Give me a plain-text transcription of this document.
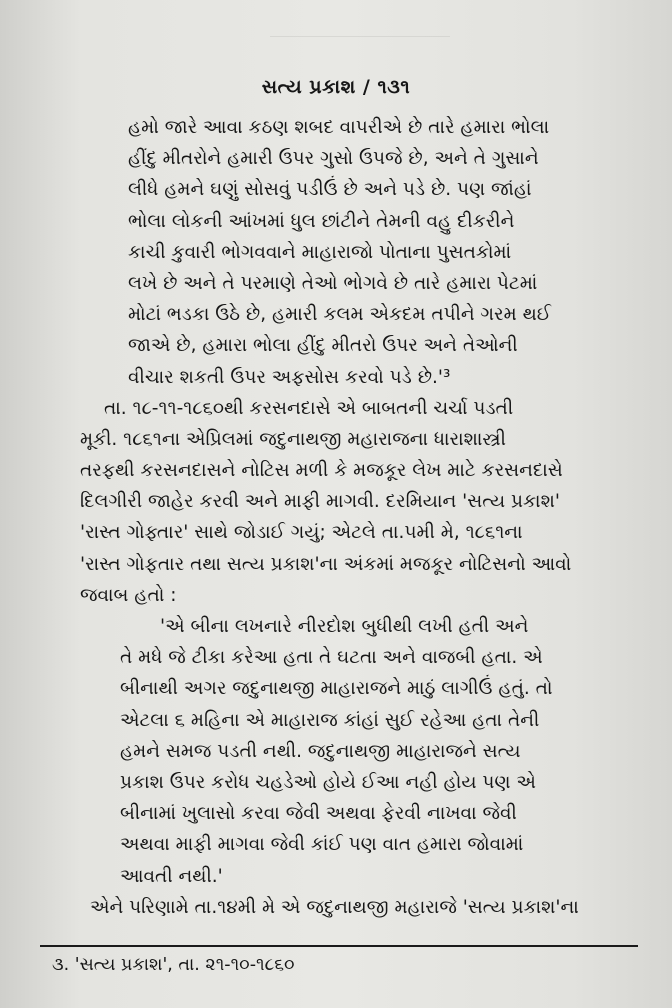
સત્ય પ્રકાશ / ૧૩૧
હમો જારે આવા કઠણ શબદ વાપરીએ છે તારે હમારા ભોલા
હીંદુ મીતરોને હમારી ઉપર ગુસો ઉપજે છે, અને તે ગુસાને
લીધે હમને ઘણું સોસવું પડીઉં છે અને પડે છે. પણ જાંહાં
ભોલા લોકની આંખમાં ધુલ છાંટીને તેમની વહુ દીકરીને
કાચી કુવારી ભોગવવાને માહારાજો પોતાના પુસતકોમાં
લખે છે અને તે પરમાણે તેઓ ભોગવે છે તારે હમારા પેટમાં
મોટાં ભડકા ઉઠે છે, હમારી કલમ એકદમ તપીને ગરમ થઈ
જાએ છે, હમારા ભોલા હીંદુ મીતરો ઉપર અને તેઓની
વીચાર શકતી ઉપર અફસોસ કરવો પડે છે.'³
તા. ૧૮-૧૧-૧૮૬૦થી કરસનદાસે એ બાબતની ચર્ચા પડતી
મૂકી. ૧૮૬૧ના એપ્રિલમાં જદુનાથજી મહારાજના ધારાશાસ્ત્રી
તરફથી કરસનદાસને નોટિસ મળી કે મજકૂર લેખ માટે કરસનદાસે
દિલગીરી જાહેર કરવી અને માફી માગવી. દરમિયાન 'સત્ય પ્રકાશ'
'રાસ્ત ગોફ્તાર' સાથે જોડાઈ ગયું; એટલે તા.૫મી મે, ૧૮૬૧ના
'રાસ્ત ગોફતાર તથા સત્ય પ્રકાશ'ના અંકમાં મજકૂર નોટિસનો આવો
જવાબ હતો :
'એ બીના લખનારે નીરદોશ બુધીથી લખી હતી અને
તે મધે જે ટીકા કરેઆ હતા તે ઘટતા અને વાજબી હતા. એ
બીનાથી અગર જદુનાથજી માહારાજને માઠું લાગીઉં હતું. તો
એટલા ૬ મહિના એ માહારાજ કાંહાં સુઈ રહેઆ હતા તેની
હમને સમજ પડતી નથી. જદુનાથજી માહારાજને સત્ય
પ્રકાશ ઉપર કરોધ ચહડેઓ હોયે ઈઆ નહી હોય પણ એ
બીનામાં ખુલાસો કરવા જેવી અથવા ફેરવી નાખવા જેવી
અથવા માફી માગવા જેવી કાંઈ પણ વાત હમારા જોવામાં
આવતી નથી.'
એને પરિણામે તા.૧૪મી મે એ જદુનાથજી મહારાજે 'સત્ય પ્રકાશ'ના
૩. 'સત્ય પ્રકાશ', તા. ૨૧-૧૦-૧૮૬૦
